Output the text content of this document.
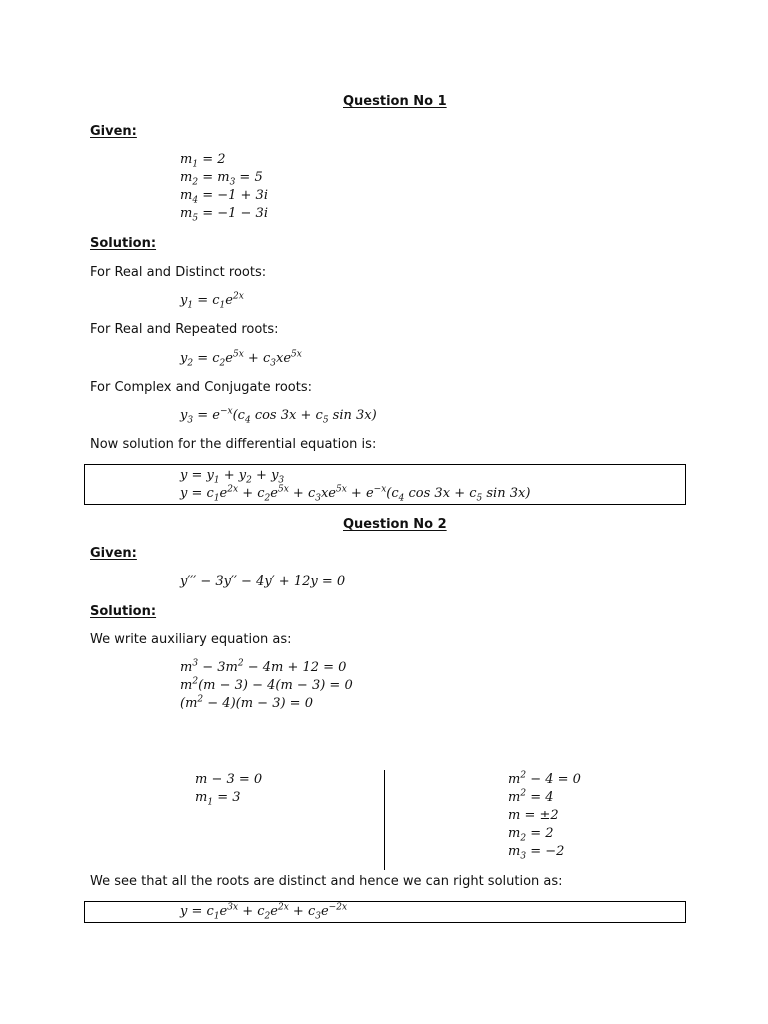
Question No 1
Given:
$m_1 = 2$
$m_2 = m_3 = 5$
$m_4 = -1 + 3i$
$m_5 = -1 - 3i$
Solution:
For Real and Distinct roots:
$y_1 = c_1e^{2x}$
For Real and Repeated roots:
$y_2 = c_2e^{5x} + c_3xe^{5x}$
For Complex and Conjugate roots:
$y_3 = e^{-x}(c_4$ $\cos 3x + c_5$ sin 3x)
Now solution for the differential equation is:
$y = y_1 + y_2 + y_3$
$y = c_1e^{2x} + c_2e^{5x} + c_3xe^{5x} + e^{-x}(c_4$ $\cos 3x + c_5$ sin 3x)
Question No 2
Given:
y′′′ − 3y′′ − 4y′ + 12y = 0
Solution:
We write auxiliary equation as:
$m^3 - 3m^2 - 4m + 12 = 0$
$m^2(m - 3) - 4(m - 3) = 0$
$(m^2 - 4)(m - 3) = 0$
m − 3 = 0
$m_1 = 3$
$m^2 - 4 = 0$
$m^2 = 4$
m = ±2
$m_2 = 2$
$m_3 = -2$
We see that all the roots are distinct and hence we can right solution as:
$y = c_1e^{3x} + c_2e^{2x} + c_3e^{-2x}$
